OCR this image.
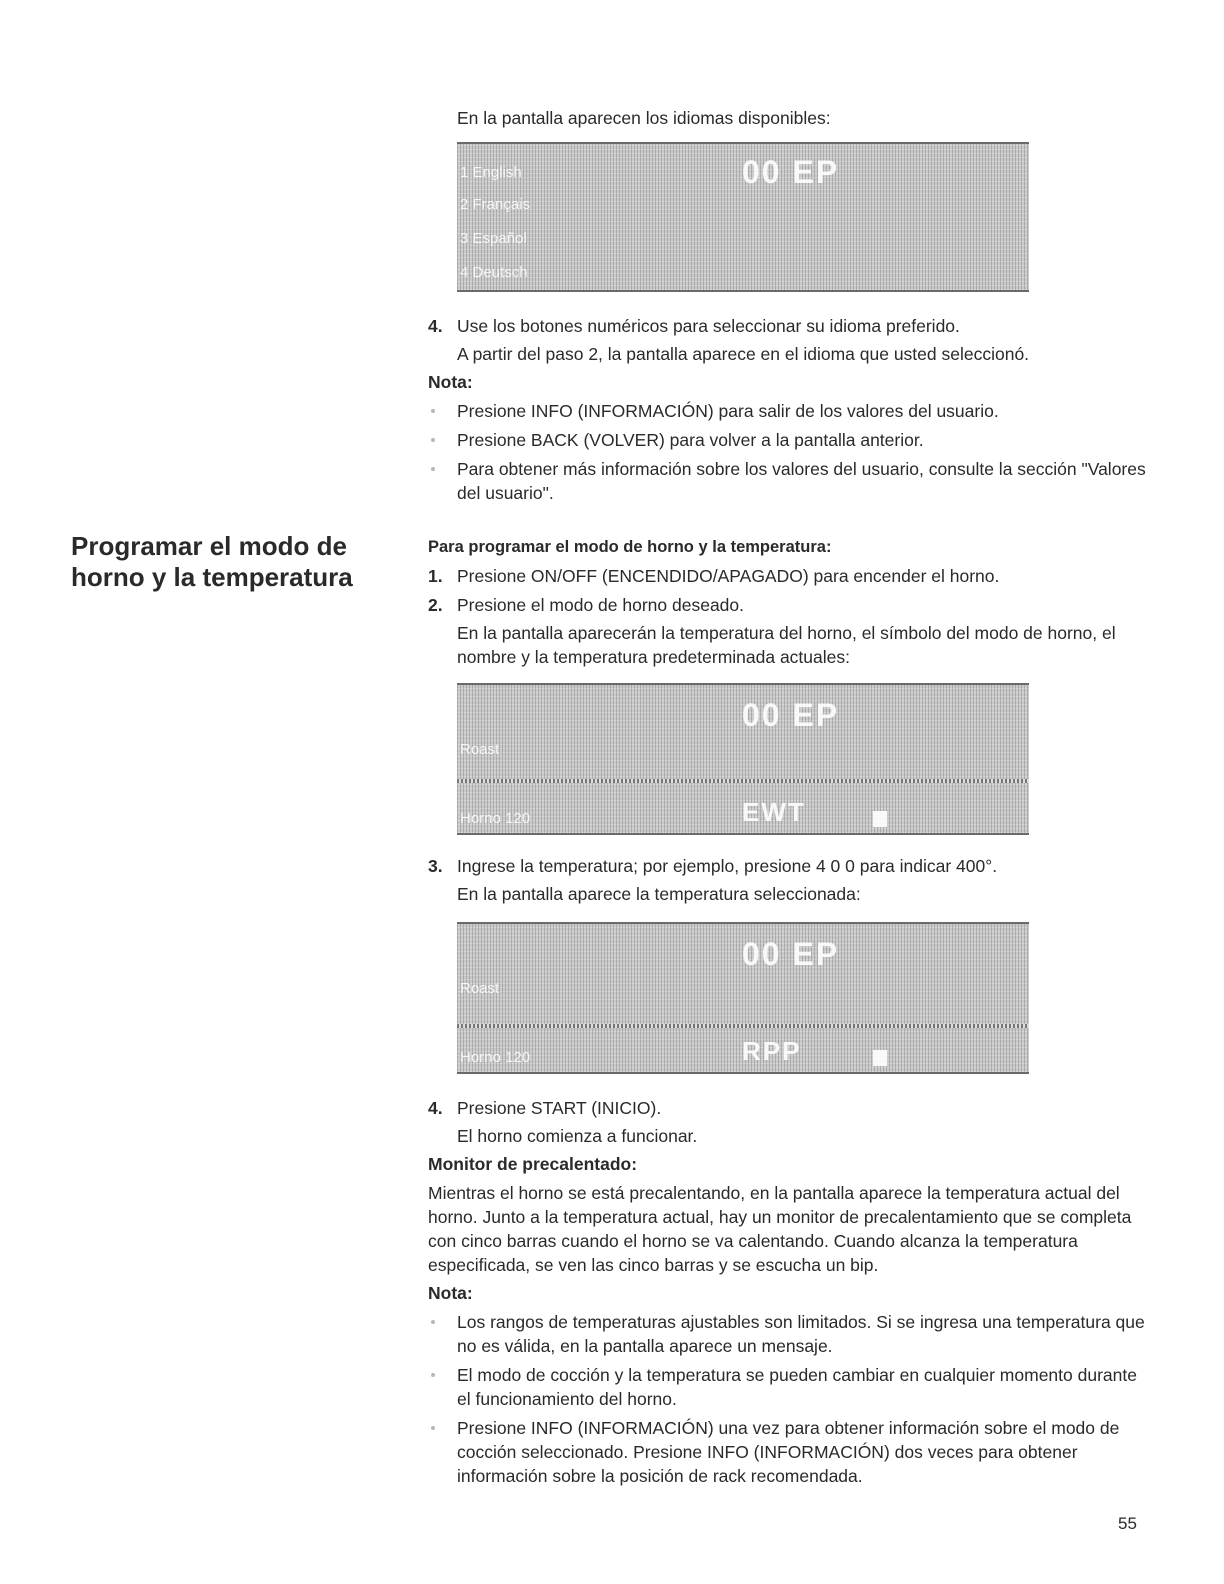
En la pantalla aparecen los idiomas disponibles:

1 English
2 Français
3 Español
4 Deutsch
00 EP
4. Use los botones numéricos para seleccionar su idioma preferido.

A partir del paso 2, la pantalla aparece en el idioma que usted seleccionó.

Nota:

Presione INFO (INFORMACIÓN) para salir de los valores del usuario.

Presione BACK (VOLVER) para volver a la pantalla anterior.

Para obtener más información sobre los valores del usuario, consulte la sección "Valores del usuario".

Programar el modo de horno y la temperatura

Para programar el modo de horno y la temperatura:

1. Presione ON/OFF (ENCENDIDO/APAGADO) para encender el horno.

2. Presione el modo de horno deseado.

En la pantalla aparecerán la temperatura del horno, el símbolo del modo de horno, el nombre y la temperatura predeterminada actuales:

00 EP
Roast
Horno 120	EWT
3. Ingrese la temperatura; por ejemplo, presione 4 0 0 para indicar 400°.

En la pantalla aparece la temperatura seleccionada:

00 EP
Roast
Horno 120	RPP
4. Presione START (INICIO).

El horno comienza a funcionar.

Monitor de precalentado:

Mientras el horno se está precalentando, en la pantalla aparece la temperatura actual del horno. Junto a la temperatura actual, hay un monitor de precalentamiento que se completa con cinco barras cuando el horno se va calentando. Cuando alcanza la temperatura especificada, se ven las cinco barras y se escucha un bip.

Nota:

Los rangos de temperaturas ajustables son limitados. Si se ingresa una temperatura que no es válida, en la pantalla aparece un mensaje.

El modo de cocción y la temperatura se pueden cambiar en cualquier momento durante el funcionamiento del horno.

Presione INFO (INFORMACIÓN) una vez para obtener información sobre el modo de cocción seleccionado. Presione INFO (INFORMACIÓN) dos veces para obtener información sobre la posición de rack recomendada.

55
